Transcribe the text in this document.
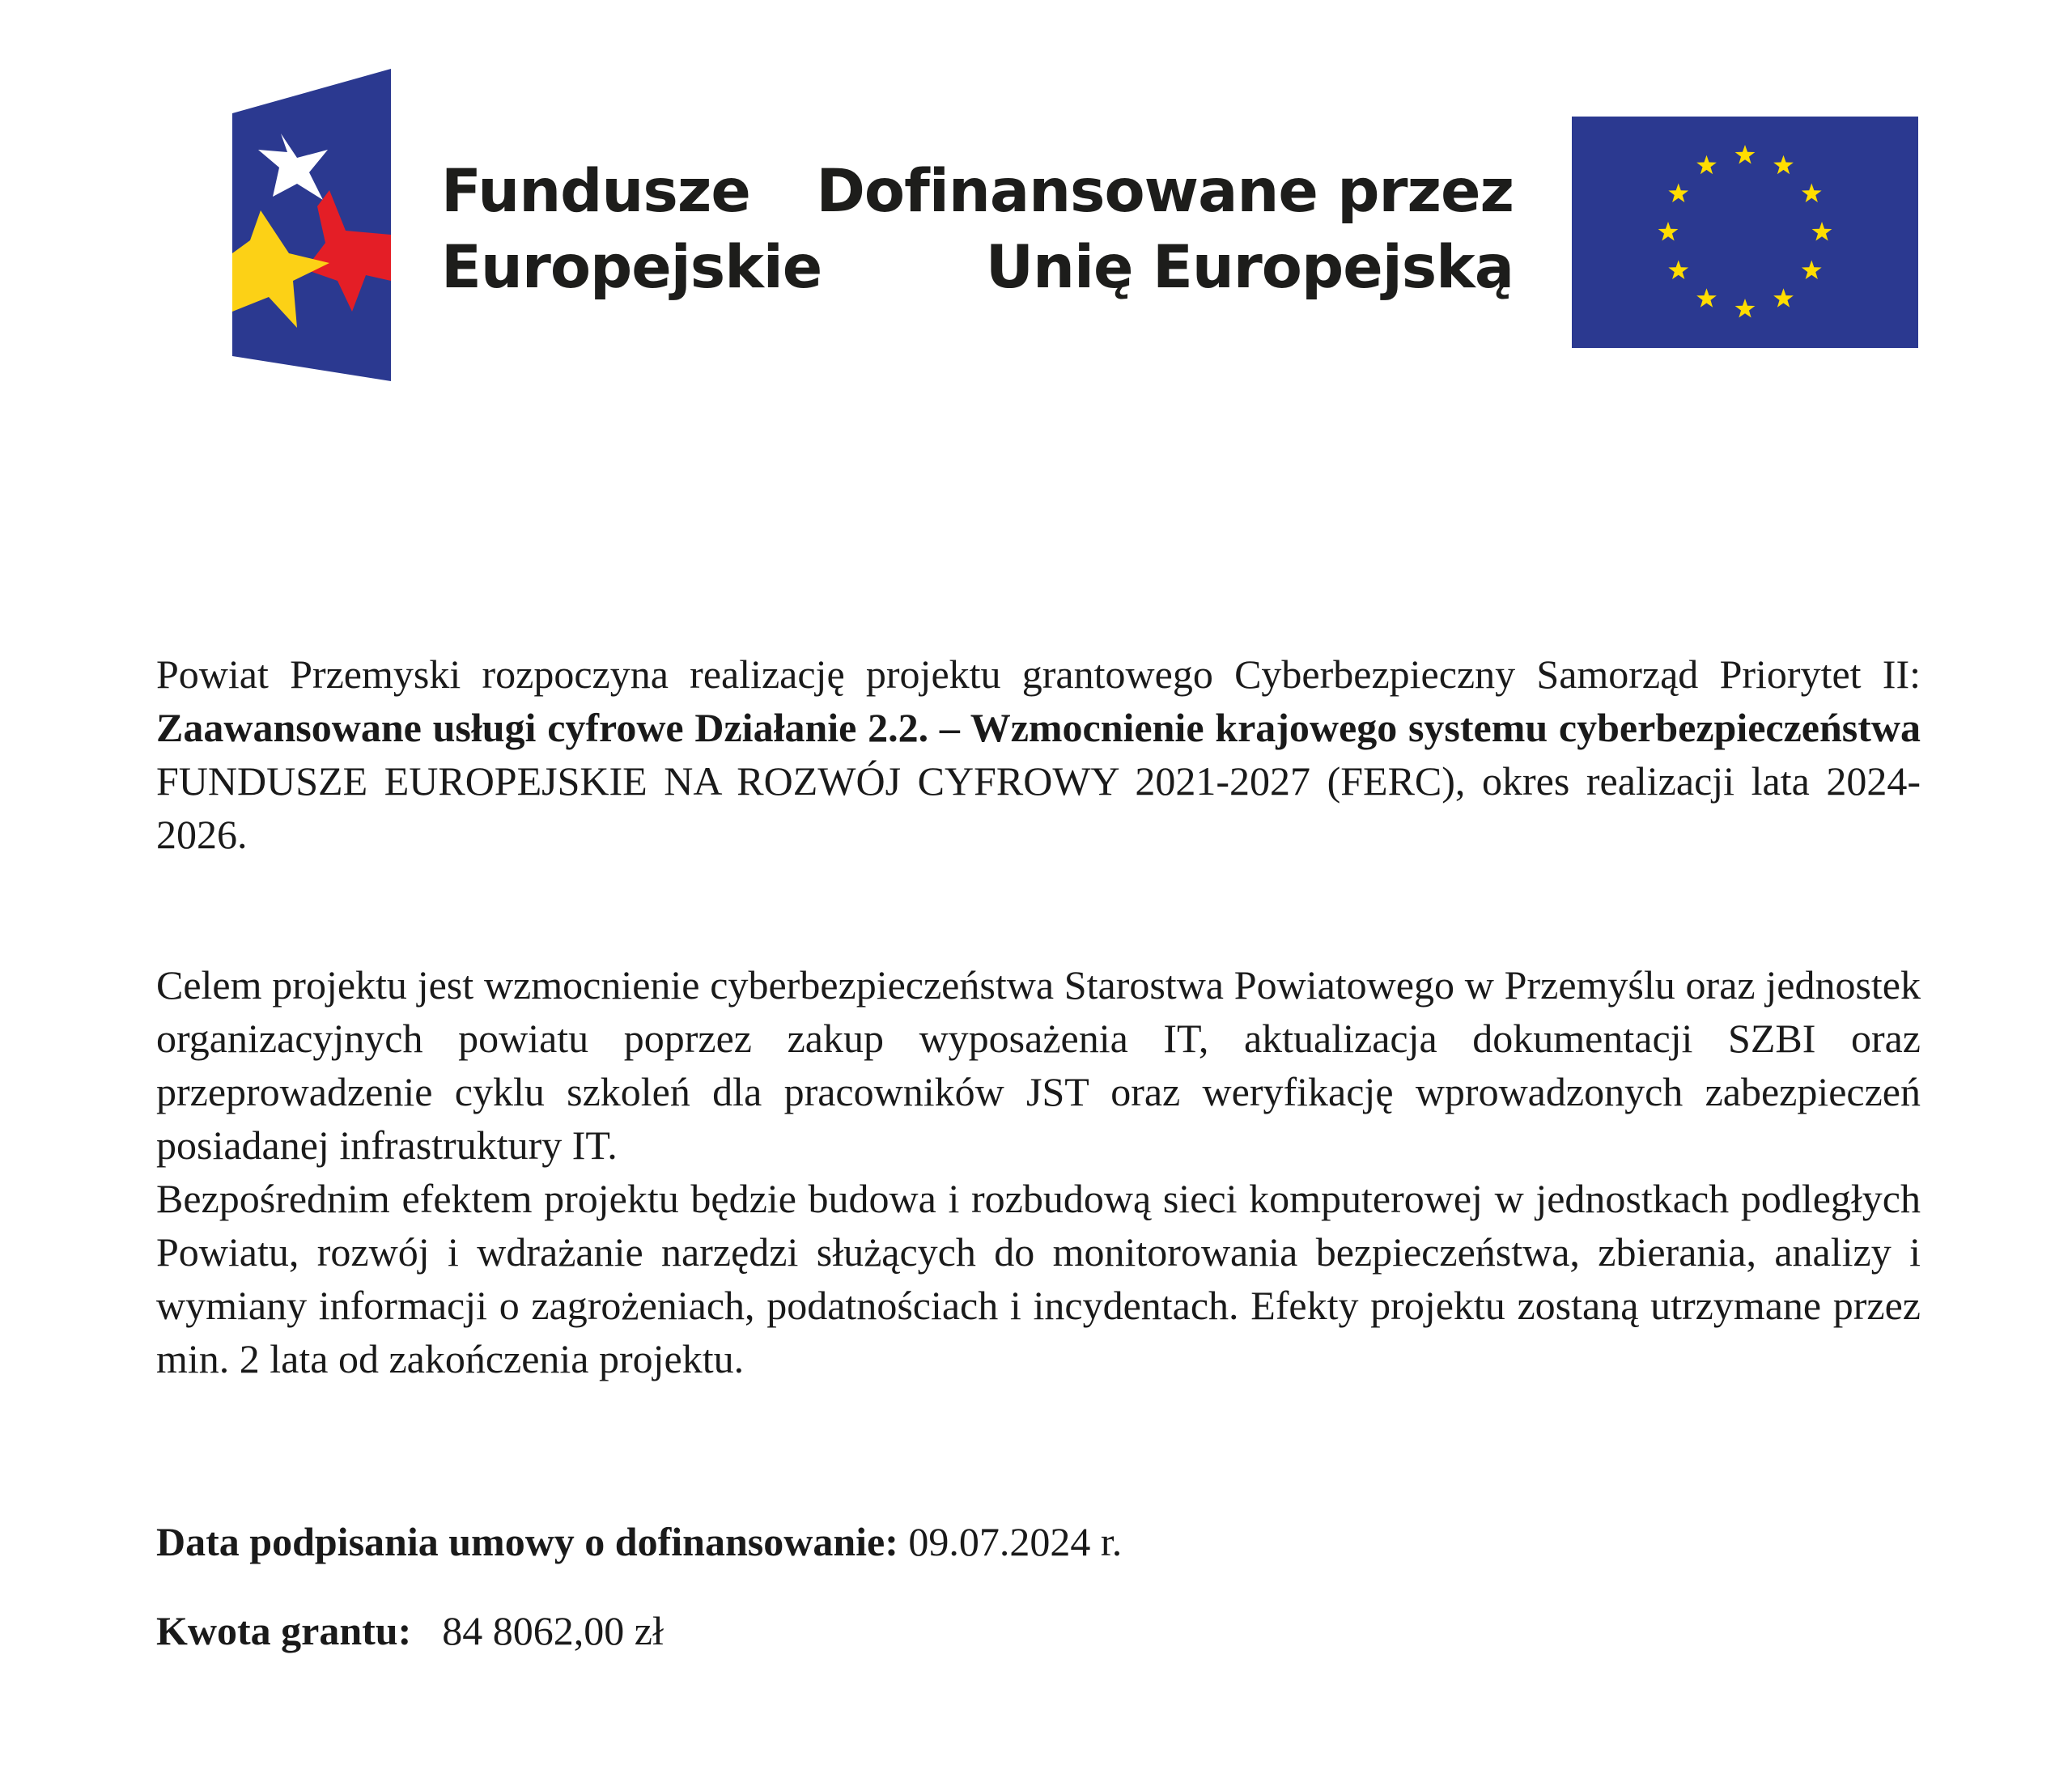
Fundusze
Europejskie
Dofinansowane przez
Unię Europejską

Powiat Przemyski rozpoczyna realizację projektu grantowego Cyberbezpieczny Samorząd Priorytet II: Zaawansowane usługi cyfrowe Działanie 2.2. – Wzmocnienie krajowego systemu cyberbezpieczeństwa FUNDUSZE EUROPEJSKIE NA ROZWÓJ CYFROWY 2021-2027 (FERC), okres realizacji lata 2024-2026.

Celem projektu jest wzmocnienie cyberbezpieczeństwa Starostwa Powiatowego w Przemyślu oraz jednostek organizacyjnych powiatu poprzez zakup wyposażenia IT, aktualizacja dokumentacji SZBI oraz przeprowadzenie cyklu szkoleń dla pracowników JST oraz weryfikację wprowadzonych zabezpieczeń posiadanej infrastruktury IT.

Bezpośrednim efektem projektu będzie budowa i rozbudową sieci komputerowej w jednostkach podległych Powiatu, rozwój i wdrażanie narzędzi służących do monitorowania bezpieczeństwa, zbierania, analizy i wymiany informacji o zagrożeniach, podatnościach i incydentach. Efekty projektu zostaną utrzymane przez min. 2 lata od zakończenia projektu.

Data podpisania umowy o dofinansowanie: 09.07.2024 r.

Kwota grantu: 84 8062,00 zł
